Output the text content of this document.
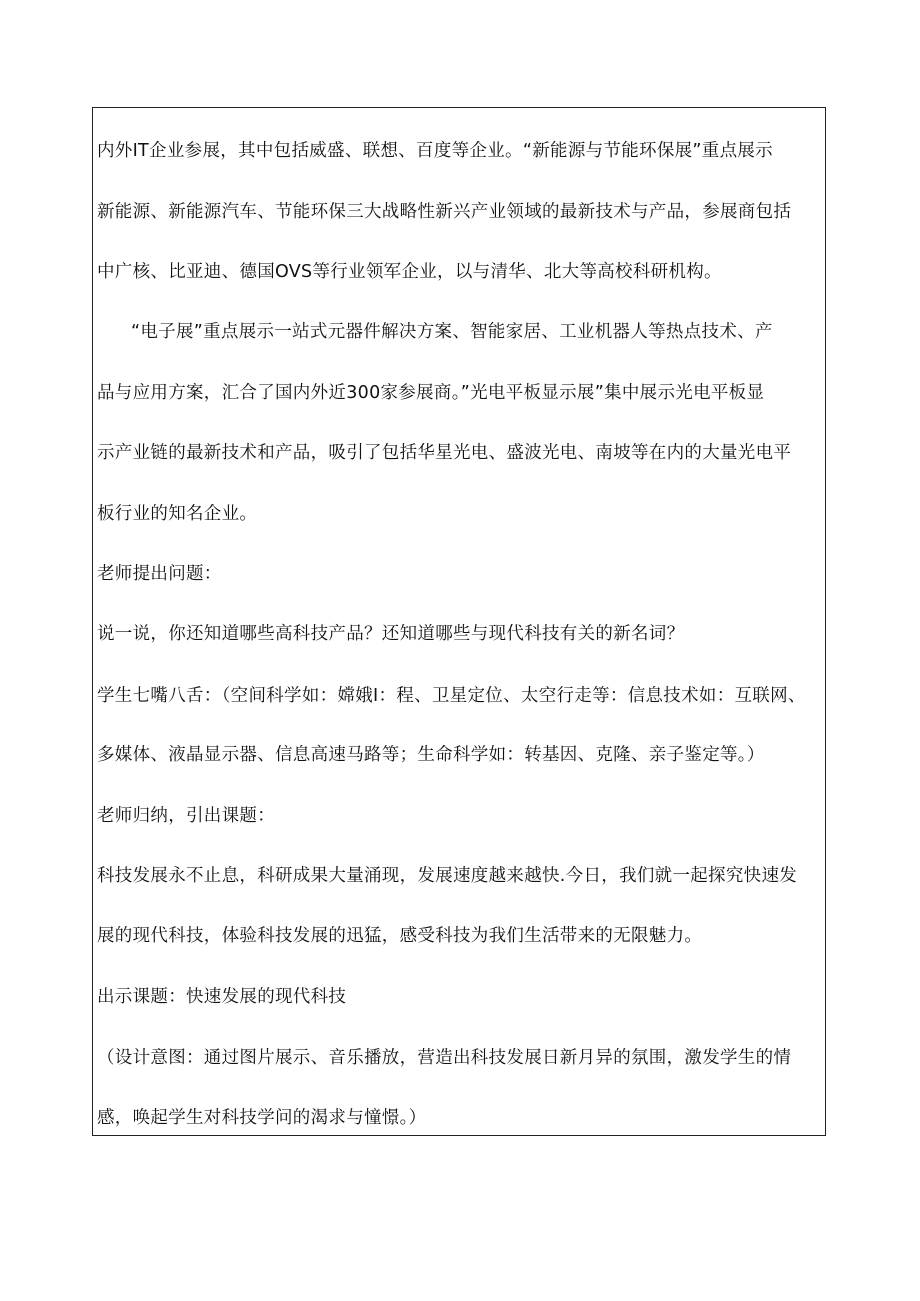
内外IT企业参展，其中包括威盛、联想、百度等企业。“新能源与节能环保展”重点展示
新能源、新能源汽车、节能环保三大战略性新兴产业领域的最新技术与产品，参展商包括
中广核、比亚迪、德国OVS等行业领军企业，以与清华、北大等高校科研机构。
“电子展”重点展示一站式元器件解决方案、智能家居、工业机器人等热点技术、产
品与应用方案，汇合了国内外近300家参展商。”光电平板显示展”集中展示光电平板显
示产业链的最新技术和产品，吸引了包括华星光电、盛波光电、南坡等在内的大量光电平
板行业的知名企业。
老师提出问题：
说一说，你还知道哪些高科技产品？还知道哪些与现代科技有关的新名词？
学生七嘴八舌：（空间科学如：嫦娥I：程、卫星定位、太空行走等：信息技术如：互联网、
多媒体、液晶显示器、信息高速马路等；生命科学如：转基因、克隆、亲子鉴定等。）
老师归纳，引出课题：
科技发展永不止息，科研成果大量涌现，发展速度越来越快.今日，我们就一起探究快速发
展的现代科技，体验科技发展的迅猛，感受科技为我们生活带来的无限魅力。
出示课题：快速发展的现代科技
（设计意图：通过图片展示、音乐播放，营造出科技发展日新月异的氛围，激发学生的情
感，唤起学生对科技学问的渴求与憧憬。）
